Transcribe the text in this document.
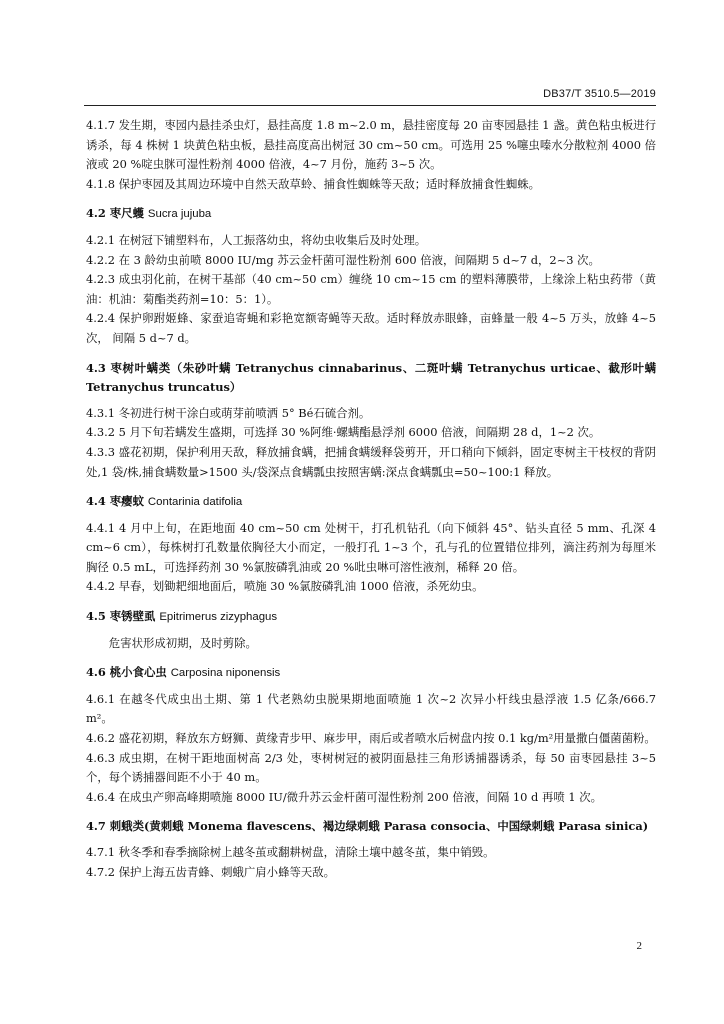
DB37/T 3510.5—2019

4.1.7 发生期，枣园内悬挂杀虫灯，悬挂高度 1.8 m~2.0 m，悬挂密度每 20 亩枣园悬挂 1 盏。黄色粘虫板进行诱杀，每 4 株树 1 块黄色粘虫板，悬挂高度高出树冠 30 cm~50 cm。可选用 25 %噻虫嗪水分散粒剂 4000 倍液或 20 %啶虫脒可湿性粉剂 4000 倍液，4~7 月份，施药 3~5 次。

4.1.8 保护枣园及其周边环境中自然天敌草蛉、捕食性蜘蛛等天敌；适时释放捕食性蜘蛛。

4.2 枣尺蠖 Sucra jujuba

4.2.1 在树冠下铺塑料布，人工振落幼虫，将幼虫收集后及时处理。

4.2.2 在 3 龄幼虫前喷 8000 IU/mg 苏云金杆菌可湿性粉剂 600 倍液，间隔期 5 d~7 d，2~3 次。

4.2.3 成虫羽化前，在树干基部（40 cm~50 cm）缠绕 10 cm~15 cm 的塑料薄膜带，上缘涂上粘虫药带（黄油：机油：菊酯类药剂=10：5：1）。

4.2.4 保护卵跗姬蜂、家蚕追寄蝇和彩艳宽额寄蝇等天敌。适时释放赤眼蜂，亩蜂量一般 4~5 万头，放蜂 4~5 次， 间隔 5 d~7 d。

4.3 枣树叶螨类（朱砂叶螨 Tetranychus cinnabarinus、二斑叶螨 Tetranychus urticae、截形叶螨 Tetranychus truncatus）

4.3.1 冬初进行树干涂白或萌芽前喷洒 5° Bé石硫合剂。

4.3.2 5 月下旬若螨发生盛期，可选择 30 %阿维·螺螨酯悬浮剂 6000 倍液，间隔期 28 d，1~2 次。

4.3.3 盛花初期，保护利用天敌，释放捕食螨，把捕食螨缓释袋剪开，开口稍向下倾斜，固定枣树主干枝杈的背阴处,1 袋/株,捕食螨数量>1500 头/袋深点食螨瓢虫按照害螨:深点食螨瓢虫=50~100:1 释放。

4.4 枣瘿蚊 Contarinia datifolia

4.4.1 4 月中上旬，在距地面 40 cm~50 cm 处树干，打孔机钻孔（向下倾斜 45°、钻头直径 5 mm、孔深 4 cm~6 cm），每株树打孔数量依胸径大小而定，一般打孔 1~3 个，孔与孔的位置错位排列，滴注药剂为每厘米胸径 0.5 mL，可选择药剂 30 %氯胺磷乳油或 20 %吡虫啉可溶性液剂，稀释 20 倍。

4.4.2 早春，划锄耙细地面后，喷施 30 %氯胺磷乳油 1000 倍液，杀死幼虫。

4.5 枣锈壁虱 Epitrimerus zizyphagus

危害状形成初期，及时剪除。

4.6 桃小食心虫 Carposina niponensis

4.6.1 在越冬代成虫出土期、第 1 代老熟幼虫脱果期地面喷施 1 次~2 次异小杆线虫悬浮液 1.5 亿条/666.7 m²。

4.6.2 盛花初期，释放东方蚜狮、黄缘青步甲、麻步甲，雨后或者喷水后树盘内按 0.1 kg/m²用量撒白僵菌菌粉。

4.6.3 成虫期，在树干距地面树高 2/3 处，枣树树冠的被阴面悬挂三角形诱捕器诱杀，每 50 亩枣园悬挂 3~5 个，每个诱捕器间距不小于 40 m。

4.6.4 在成虫产卵高峰期喷施 8000 IU/微升苏云金杆菌可湿性粉剂 200 倍液，间隔 10 d 再喷 1 次。

4.7 刺蛾类(黄刺蛾 Monema flavescens、褐边绿刺蛾 Parasa consocia、中国绿刺蛾 Parasa sinica)

4.7.1 秋冬季和春季摘除树上越冬茧或翻耕树盘，清除土壤中越冬茧，集中销毁。

4.7.2 保护上海五齿青蜂、刺蛾广肩小蜂等天敌。

2
